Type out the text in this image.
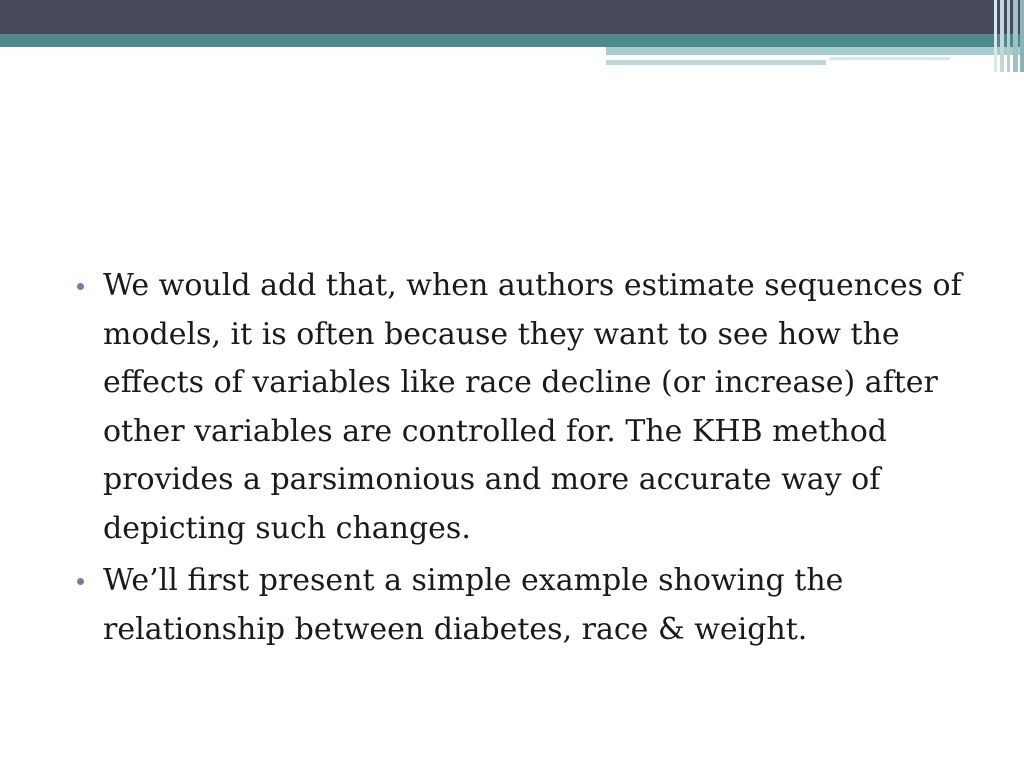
We would add that, when authors estimate sequences of models, it is often because they want to see how the effects of variables like race decline (or increase) after other variables are controlled for. The KHB method provides a parsimonious and more accurate way of depicting such changes.
We’ll first present a simple example showing the relationship between diabetes, race & weight.
